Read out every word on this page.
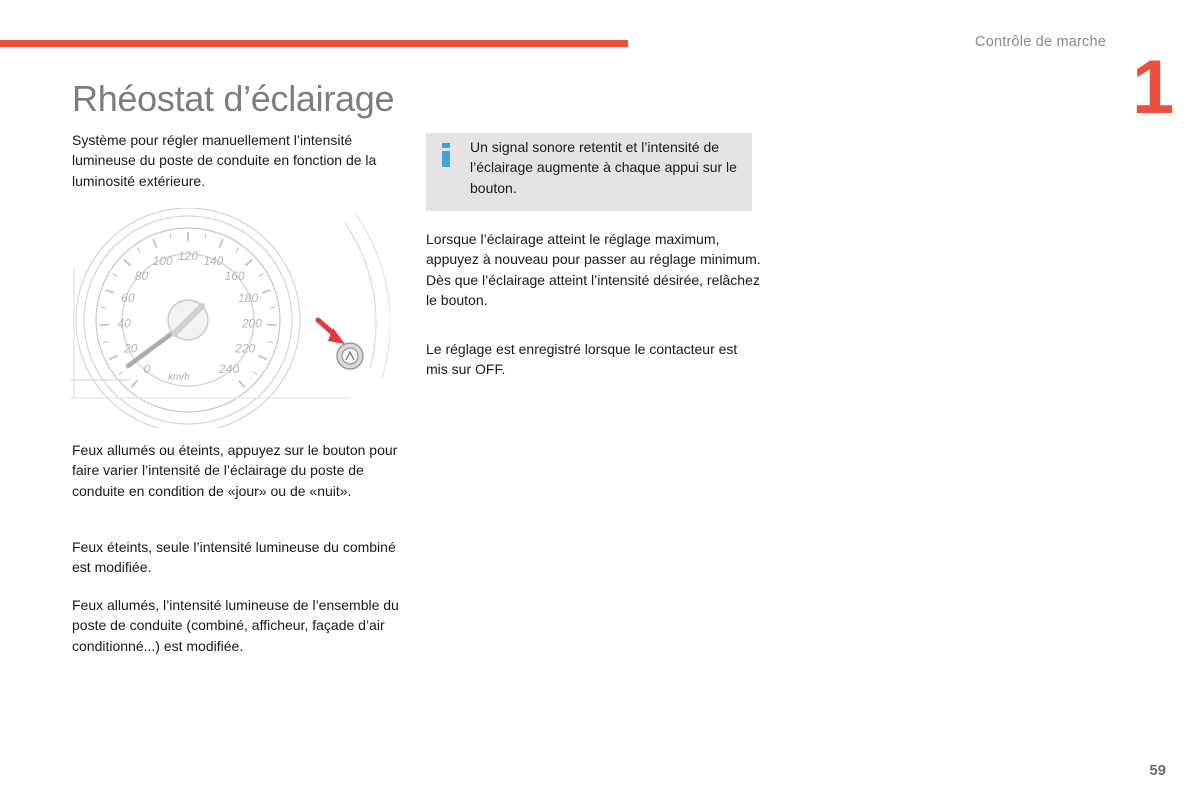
Contrôle de marche
1
Rhéostat d’éclairage

Système pour régler manuellement l’intensité lumineuse du poste de conduite en fonction de la luminosité extérieure.

0
20
40
60
80
100 120 140
160
180
200
220
240
km/h

Feux allumés ou éteints, appuyez sur le bouton pour faire varier l’intensité de l’éclairage du poste de conduite en condition de «jour» ou de «nuit».

Feux éteints, seule l’intensité lumineuse du combiné est modifiée.

Feux allumés, l’intensité lumineuse de l’ensemble du poste de conduite (combiné, afficheur, façade d’air conditionné...) est modifiée.

Un signal sonore retentit et l’intensité de l’éclairage augmente à chaque appui sur le bouton.

Lorsque l’éclairage atteint le réglage maximum, appuyez à nouveau pour passer au réglage minimum.
Dès que l’éclairage atteint l’intensité désirée, relâchez le bouton.

Le réglage est enregistré lorsque le contacteur est mis sur OFF.

59
